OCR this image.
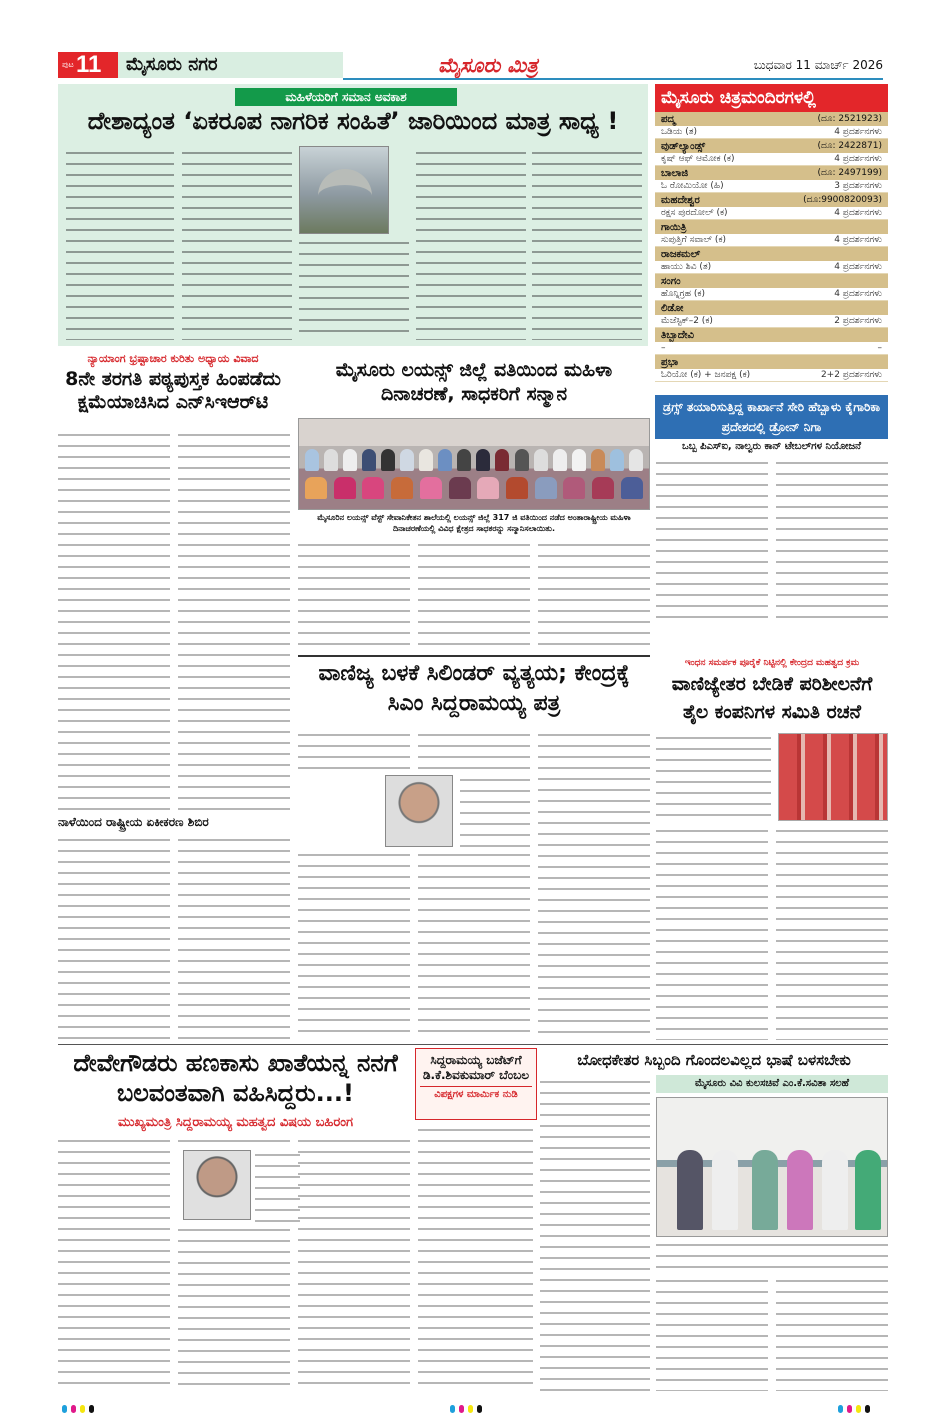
ಪುಟ 11	ಮೈಸೂರು ನಗರ	ಮೈಸೂರು ಮಿತ್ರ	ಬುಧವಾರ 11 ಮಾರ್ಚ್ 2026
ಮಹಿಳೆಯರಿಗೆ ಸಮಾನ ಅವಕಾಶ
ದೇಶಾದ್ಯಂತ ‘ಏಕರೂಪ ನಾಗರಿಕ ಸಂಹಿತೆ’ ಜಾರಿಯಿಂದ ಮಾತ್ರ ಸಾಧ್ಯ !
ಮೈಸೂರು ಚಿತ್ರಮಂದಿರಗಳಲ್ಲಿ
ಪದ್ಮ	(ದೂ: 2521923)
ಒಡಿಯ (ತ)	4 ಪ್ರದರ್ಶನಗಳು
ವುಡ್‌ಲ್ಯಾಂಡ್ಸ್	(ದೂ: 2422871)
ಕೃಷ್ ಆಫ್ ಆಮೋಕ (ಕ)	4 ಪ್ರದರ್ಶನಗಳು
ಬಾಲಾಜಿ	(ದೂ: 2497199)
ಓ ರೋಮಿಯೋ (ಹಿ)	3 ಪ್ರದರ್ಶನಗಳು
ಮಹದೇಶ್ವರ	(ದೂ:9900820093)
ರಕ್ಷಸ ಪುರದೋಲ್ (ಕ)	4 ಪ್ರದರ್ಶನಗಳು
ಗಾಯಿತ್ರಿ
ಸುಪುತ್ತಿಗೆ ಸವಾಲ್ (ಕ)	4 ಪ್ರದರ್ಶನಗಳು
ರಾಜಕಮಲ್
ಹಾಯು ಶಿವಿ (ತ)	4 ಪ್ರದರ್ಶನಗಳು
ಸಂಗಂ
ಹೊನ್ನಿಗ್ರಹ (ಕ)	4 ಪ್ರದರ್ಶನಗಳು
ಲಿಡೋ
ಮೆಜೆಸ್ಟಿಕ್–2 (ಕ)	2 ಪ್ರದರ್ಶನಗಳು
ತಿಬ್ಬಾದೇವಿ
–	–
ಪ್ರಭಾ
ಓರಿಯೋ (ಕ) + ಜನಪಕ್ಷ (ಕ)	2+2 ಪ್ರದರ್ಶನಗಳು
ಡ್ರಗ್ಸ್ ತಯಾರಿಸುತ್ತಿದ್ದ ಕಾರ್ಖಾನೆ ಸೇರಿ ಹೆಬ್ಬಾಳು ಕೈಗಾರಿಕಾ ಪ್ರದೇಶದಲ್ಲಿ ಡ್ರೋನ್ ನಿಗಾ
ಒಬ್ಬ ಪಿಎಸ್‌ಐ, ನಾಲ್ವರು ಕಾನ್ ಟೇಬಲ್‌ಗಳ ನಿಯೋಜನೆ
ನ್ಯಾಯಾಂಗ ಭ್ರಷ್ಟಾಚಾರ ಕುರಿತು ಅಧ್ಯಾಯ ವಿವಾದ
8ನೇ ತರಗತಿ ಪಠ್ಯಪುಸ್ತಕ ಹಿಂಪಡೆದು ಕ್ಷಮೆಯಾಚಿಸಿದ ಎನ್‌ಸಿಇಆರ್‌ಟಿ
ಮೈಸೂರು ಲಯನ್ಸ್ ಜಿಲ್ಲೆ ವತಿಯಿಂದ ಮಹಿಳಾ ದಿನಾಚರಣೆ, ಸಾಧಕರಿಗೆ ಸನ್ಮಾನ
ಮೈಸೂರಿನ ಲಯನ್ಸ್ ವೆಸ್ಟ್ ಸೇವಾನಿಕೇತನ ಶಾಲೆಯಲ್ಲಿ ಲಯನ್ಸ್ ಜಿಲ್ಲೆ 317 ಜಿ ವತಿಯಿಂದ ನಡೆದ ಅಂತಾರಾಷ್ಟ್ರೀಯ ಮಹಿಳಾ ದಿನಾಚರಣೆಯಲ್ಲಿ ವಿವಿಧ ಕ್ಷೇತ್ರದ ಸಾಧಕರನ್ನು ಸನ್ಮಾನಿಸಲಾಯಿತು.
ವಾಣಿಜ್ಯ ಬಳಕೆ ಸಿಲಿಂಡರ್ ವ್ಯತ್ಯಯ; ಕೇಂದ್ರಕ್ಕೆ ಸಿಎಂ ಸಿದ್ದರಾಮಯ್ಯ ಪತ್ರ
ಇಂಧನ ಸಮರ್ಪಕ ಪೂರೈಕೆ ನಿಟ್ಟಿನಲ್ಲಿ ಕೇಂದ್ರದ ಮಹತ್ವದ ಕ್ರಮ
ವಾಣಿಜ್ಯೇತರ ಬೇಡಿಕೆ ಪರಿಶೀಲನೆಗೆ ತೈಲ ಕಂಪನಿಗಳ ಸಮಿತಿ ರಚನೆ
ನಾಳೆಯಿಂದ ರಾಷ್ಟ್ರೀಯ ಏಕೀಕರಣ ಶಿಬಿರ
ದೇವೇಗೌಡರು ಹಣಕಾಸು ಖಾತೆಯನ್ನ ನನಗೆ ಬಲವಂತವಾಗಿ ವಹಿಸಿದ್ದರು...!
ಮುಖ್ಯಮಂತ್ರಿ ಸಿದ್ದರಾಮಯ್ಯ ಮಹತ್ವದ ವಿಷಯ ಬಹಿರಂಗ
ಸಿದ್ದರಾಮಯ್ಯ ಬಜೆಟ್‌ಗೆ
ಡಿ.ಕೆ.ಶಿವಕುಮಾರ್ ಬೆಂಬಲ
ವಿಪಕ್ಷಗಳ ಮಾರ್ಮಿಕ ನುಡಿ
ಬೋಧಕೇತರ ಸಿಬ್ಬಂದಿ ಗೊಂದಲವಿಲ್ಲದ ಭಾಷೆ ಬಳಸಬೇಕು
ಮೈಸೂರು ವಿವಿ ಕುಲಸಚಿವೆ ಎಂ.ಕೆ.ಸವಿತಾ ಸಲಹೆ
